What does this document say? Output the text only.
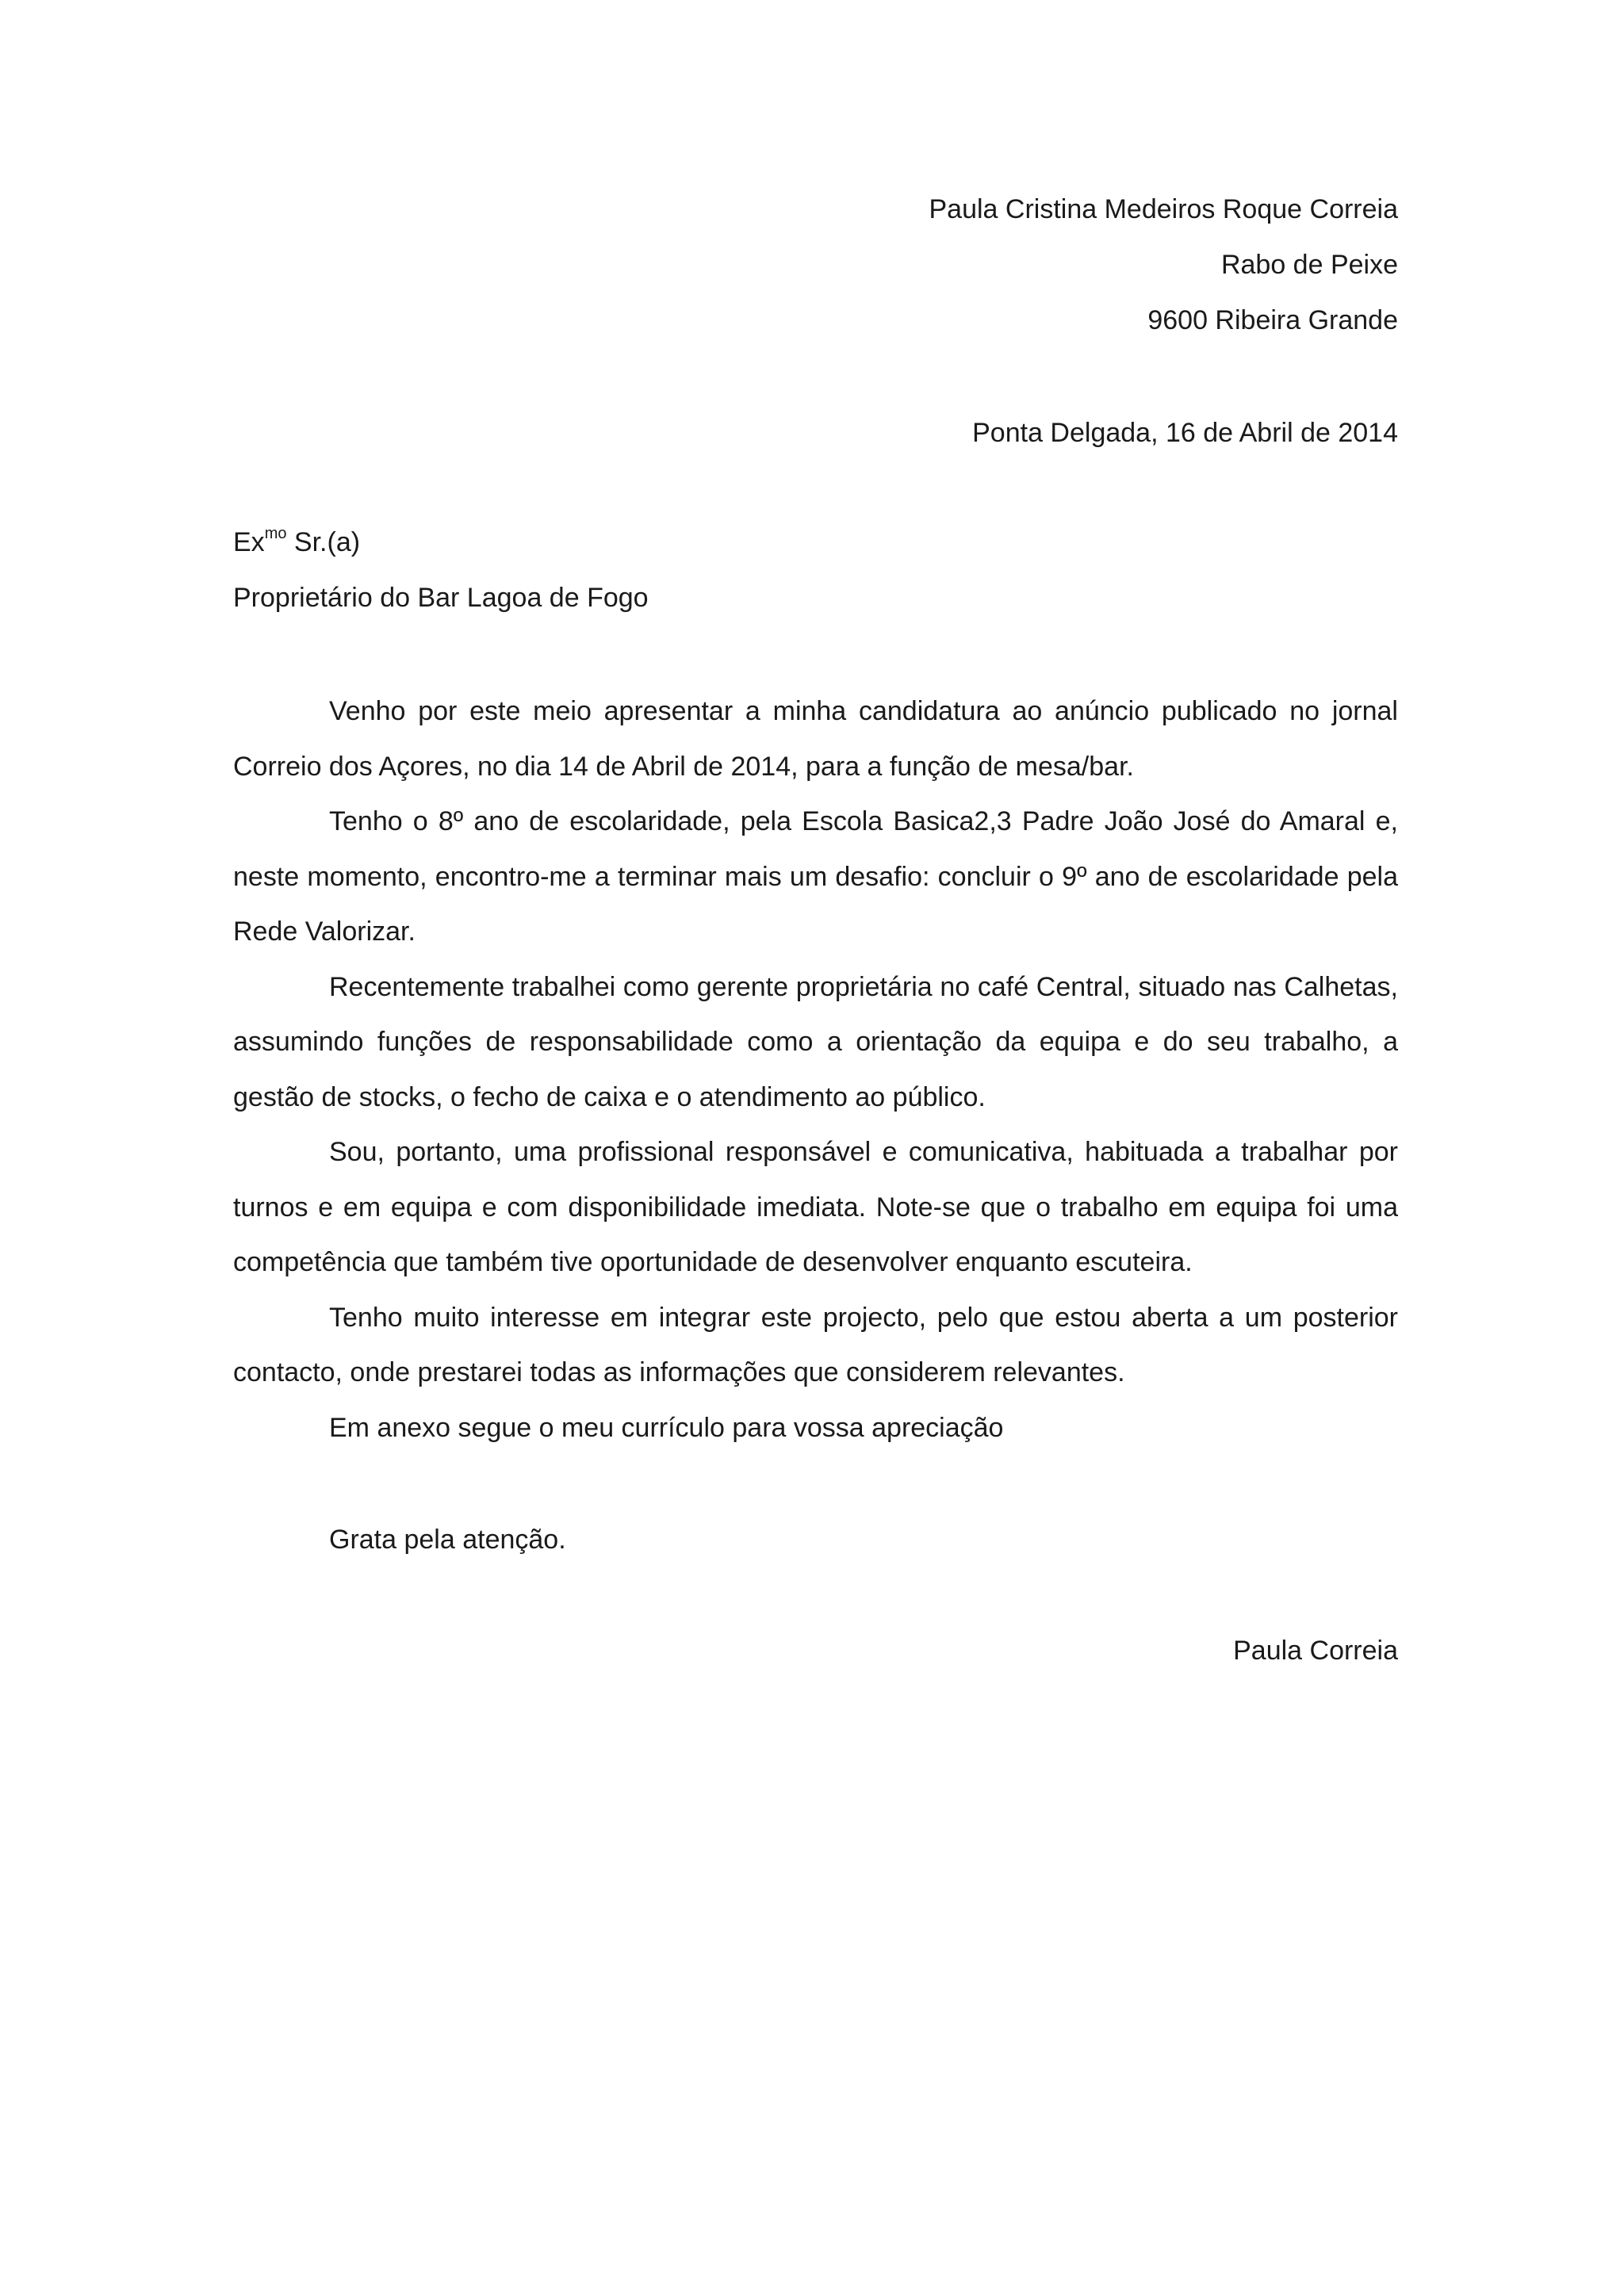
Paula Cristina Medeiros Roque Correia
Rabo de Peixe
9600 Ribeira Grande
Ponta Delgada, 16 de Abril de 2014
$Ex^{mo}$ Sr.(a)
Proprietário do Bar Lagoa de Fogo

Venho por este meio apresentar a minha candidatura ao anúncio publicado no jornal Correio dos Açores, no dia 14 de Abril de 2014, para a função de mesa/bar.

Tenho o 8º ano de escolaridade, pela Escola Basica2,3 Padre João José do Amaral e, neste momento, encontro-me a terminar mais um desafio: concluir o 9º ano de escolaridade pela Rede Valorizar.

Recentemente trabalhei como gerente proprietária no café Central, situado nas Calhetas, assumindo funções de responsabilidade como a orientação da equipa e do seu trabalho, a gestão de stocks, o fecho de caixa e o atendimento ao público.

Sou, portanto, uma profissional responsável e comunicativa, habituada a trabalhar por turnos e em equipa e com disponibilidade imediata. Note-se que o trabalho em equipa foi uma competência que também tive oportunidade de desenvolver enquanto escuteira.

Tenho muito interesse em integrar este projecto, pelo que estou aberta a um posterior contacto, onde prestarei todas as informações que considerem relevantes.

Em anexo segue o meu currículo para vossa apreciação

Grata pela atenção.
Paula Correia
